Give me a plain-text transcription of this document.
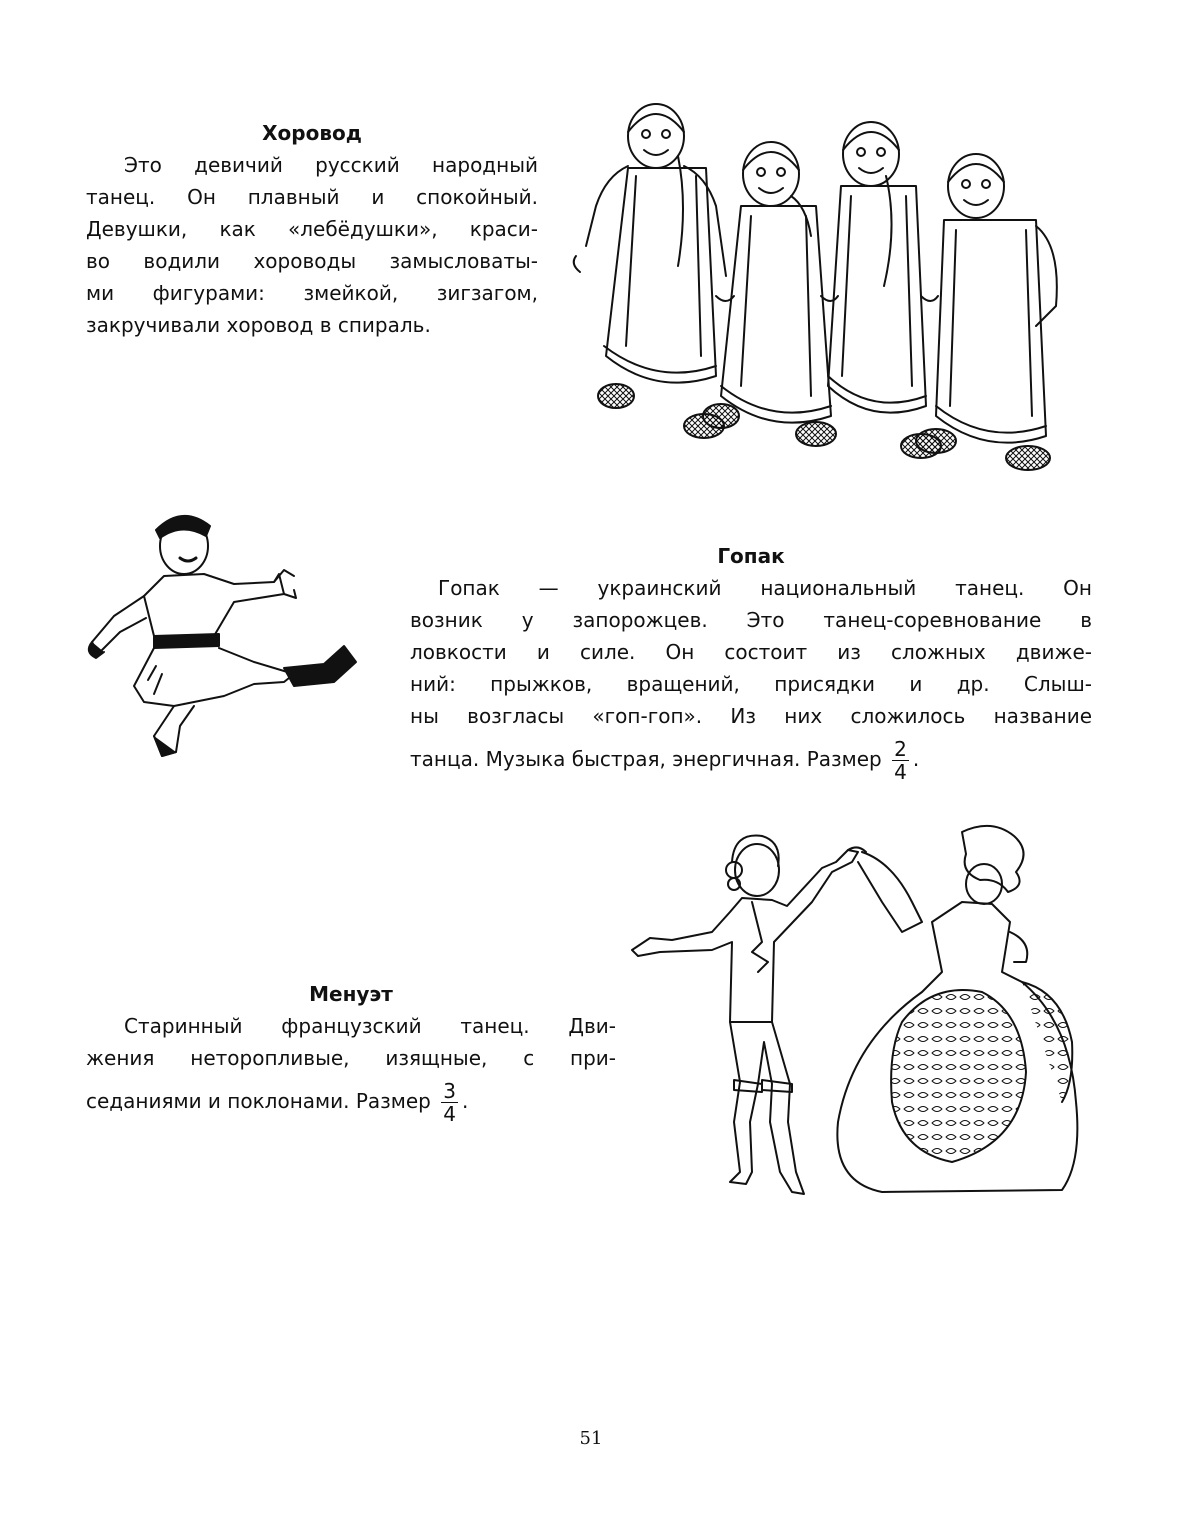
Хоровод
Это девичий русский народный
танец. Он плавный и спокойный.
Девушки, как «лебёдушки», краси-
во водили хороводы замысловаты-
ми фигурами: змейкой, зигзагом,
закручивали хоровод в спираль.
Гопак
Гопак — украинский национальный танец. Он
возник у запорожцев. Это танец-соревнование в
ловкости и силе. Он состоит из сложных движе-
ний: прыжков, вращений, присядки и др. Слыш-
ны возгласы «гоп-гоп». Из них сложилось название
танца. Музыка быстрая, энергичная. Размер $\frac{2}{4}$ .
Менуэт
Старинный французский танец. Дви-
жения неторопливые, изящные, с при-
седаниями и поклонами. Размер $\frac{3}{4}$ .
51
